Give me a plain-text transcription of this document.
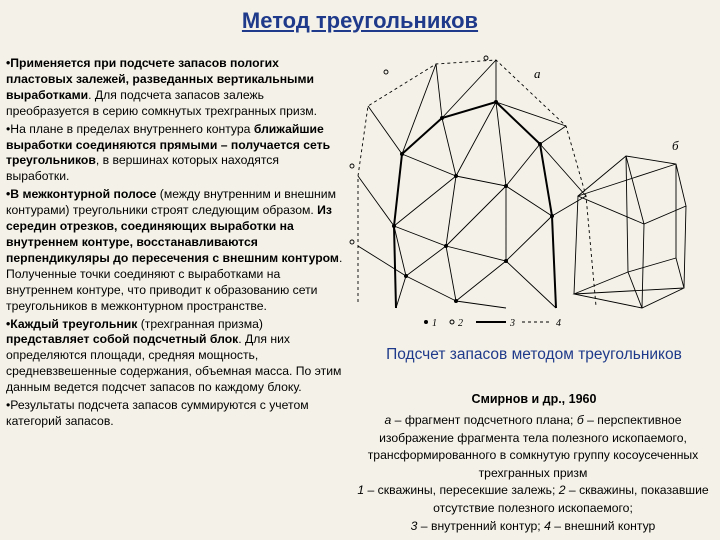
Метод треугольников

•Применяется при подсчете запасов пологих пластовых залежей, разведанных вертикальными выработками. Для подсчета запасов залежь преобразуется в серию сомкнутых трехгранных призм.

•На плане в пределах внутреннего контура ближайшие выработки соединяются прямыми – получается сеть треугольников, в вершинах которых находятся выработки.

•В межконтурной полосе (между внутренним и внешним контурами) треугольники строят следующим образом. Из середин отрезков, соединяющих выработки на внутреннем контуре, восстанавливаются перпендикуляры до пересечения с внешним контуром. Полученные точки соединяют с выработками на внутреннем контуре, что приводит к образованию сети треугольников в межконтурном пространстве.

•Каждый треугольник (трехгранная призма) представляет собой подсчетный блок. Для них определяются площади, средняя мощность, средневзвешенные содержания, объемная масса. По этим данным ведется подсчет запасов по каждому блоку.

•Результаты подсчета запасов суммируются с учетом категорий запасов.

а
б
1 2	3	4
Подсчет запасов методом треугольников
Смирнов и др., 1960
а – фрагмент подсчетного плана; б – перспективное изображение фрагмента тела полезного ископаемого, трансформированного в сомкнутую группу косоусеченных трехгранных призм
1 – скважины, пересекшие залежь; 2 – скважины, показавшие отсутствие полезного ископаемого;
3 – внутренний контур; 4 – внешний контур
